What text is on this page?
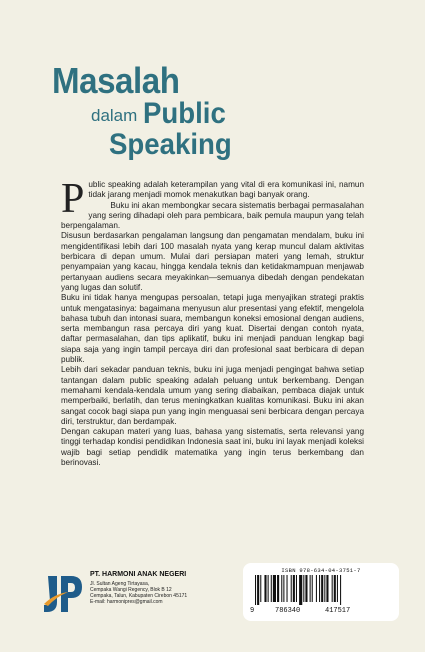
Masalah
dalam Public
Speaking

Public speaking adalah keterampilan yang vital di era komunikasi ini, namun tidak jarang menjadi momok menakutkan bagi banyak orang.

Buku ini akan membongkar secara sistematis berbagai permasalahan yang sering dihadapi oleh para pembicara, baik pemula maupun yang telah berpengalaman.

Disusun berdasarkan pengalaman langsung dan pengamatan mendalam, buku ini mengidentifikasi lebih dari 100 masalah nyata yang kerap muncul dalam aktivitas berbicara di depan umum. Mulai dari persiapan materi yang lemah, struktur penyampaian yang kacau, hingga kendala teknis dan ketidakmampuan menjawab pertanyaan audiens secara meyakinkan—semuanya dibedah dengan pendekatan yang lugas dan solutif.

Buku ini tidak hanya mengupas persoalan, tetapi juga menyajikan strategi praktis untuk mengatasinya: bagaimana menyusun alur presentasi yang efektif, mengelola bahasa tubuh dan intonasi suara, membangun koneksi emosional dengan audiens, serta membangun rasa percaya diri yang kuat. Disertai dengan contoh nyata, daftar permasalahan, dan tips aplikatif, buku ini menjadi panduan lengkap bagi siapa saja yang ingin tampil percaya diri dan profesional saat berbicara di depan publik.

Lebih dari sekadar panduan teknis, buku ini juga menjadi pengingat bahwa setiap tantangan dalam public speaking adalah peluang untuk berkembang. Dengan memahami kendala-kendala umum yang sering diabaikan, pembaca diajak untuk memperbaiki, berlatih, dan terus meningkatkan kualitas komunikasi. Buku ini akan sangat cocok bagi siapa pun yang ingin menguasai seni berbicara dengan percaya diri, terstruktur, dan berdampak.

Dengan cakupan materi yang luas, bahasa yang sistematis, serta relevansi yang tinggi terhadap kondisi pendidikan Indonesia saat ini, buku ini layak menjadi koleksi wajib bagi setiap pendidik matematika yang ingin terus berkembang dan berinovasi.

PT. HARMONI ANAK NEGERI
Jl. Sultan Ageng Tirtayasa,
Cempaka Wangi Regency, Blok B 12
Cempaka, Talun, Kabupaten Cirebon 45171
E-mail: harmonipres@gmail.com
ISBN 978-634-04-3751-7
9	786340	417517
